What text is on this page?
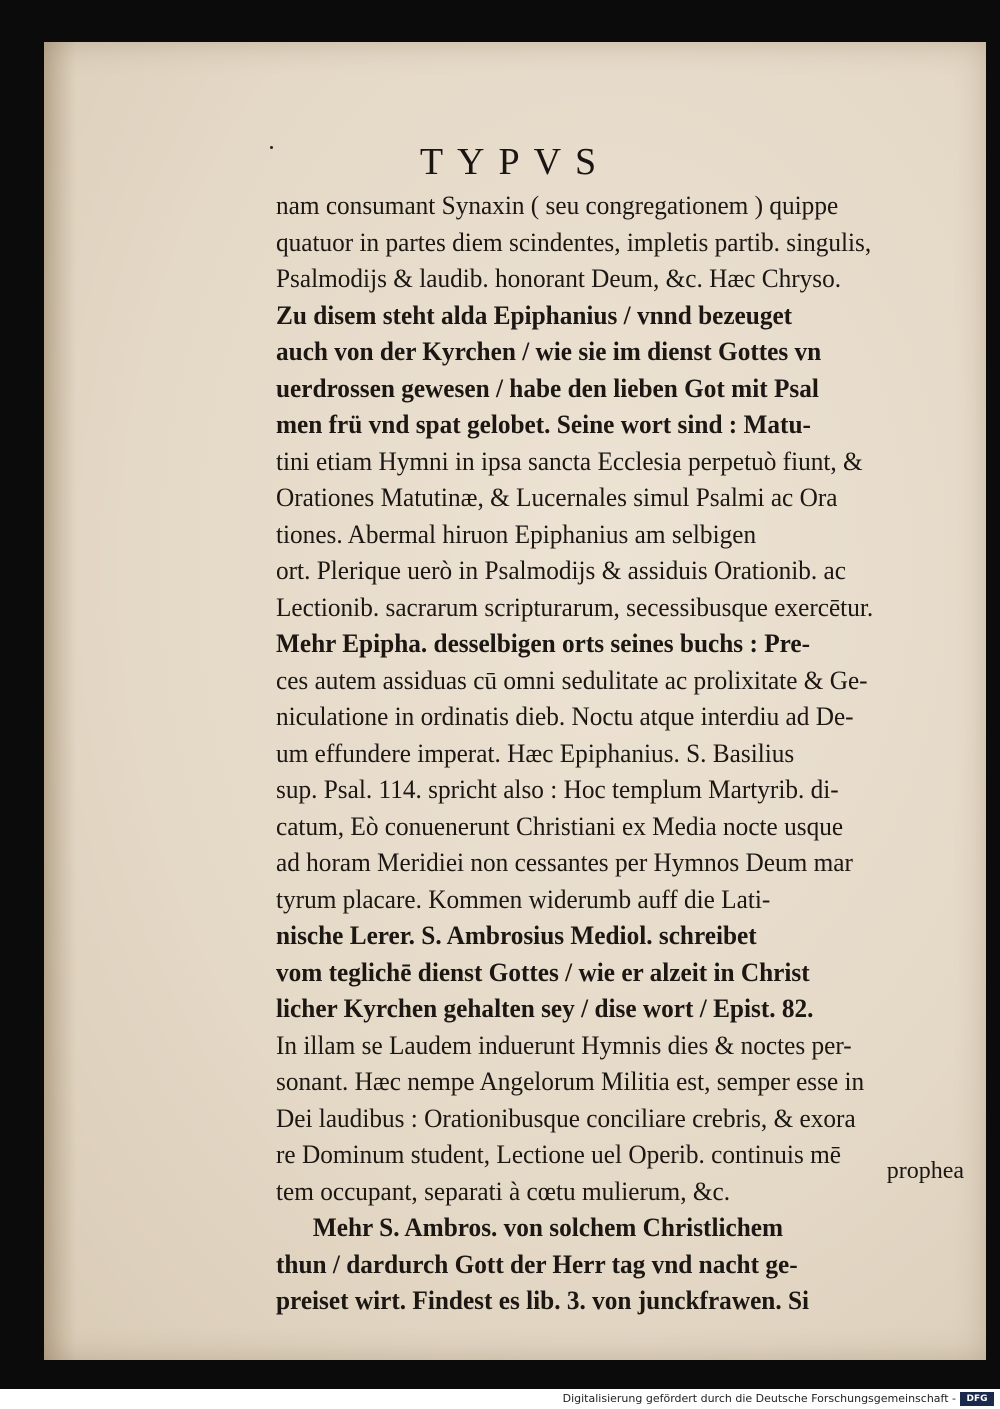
TYPVS
nam consumant Synaxin ( seu congregationem ) quippe
quatuor in partes diem scindentes, impletis partib. singulis,
Psalmodijs & laudib. honorant Deum, &c. Hæc Chryso.
Zu disem steht alda Epiphanius / vnnd bezeuget
auch von der Kyrchen / wie sie im dienst Gottes vn
uerdrossen gewesen / habe den lieben Got mit Psal
men frü vnd spat gelobet. Seine wort sind : Matu-
tini etiam Hymni in ipsa sancta Ecclesia perpetuò fiunt, &
Orationes Matutinæ, & Lucernales simul Psalmi ac Ora
tiones. Abermal hiruon Epiphanius am selbigen
ort. Plerique uerò in Psalmodijs & assiduis Orationib. ac
Lectionib. sacrarum scripturarum, secessibusque exercētur.
Mehr Epipha. desselbigen orts seines buchs : Pre-
ces autem assiduas cū omni sedulitate ac prolixitate & Ge-
niculatione in ordinatis dieb. Noctu atque interdiu ad De-
um effundere imperat. Hæc Epiphanius. S. Basilius
sup. Psal. 114. spricht also : Hoc templum Martyrib. di-
catum, Eò conuenerunt Christiani ex Media nocte usque
ad horam Meridiei non cessantes per Hymnos Deum mar
tyrum placare. Kommen widerumb auff die Lati-
nische Lerer. S. Ambrosius Mediol. schreibet
vom teglichē dienst Gottes / wie er alzeit in Christ
licher Kyrchen gehalten sey / dise wort / Epist. 82.
In illam se Laudem induerunt Hymnis dies & noctes per-
sonant. Hæc nempe Angelorum Militia est, semper esse in
Dei laudibus : Orationibusque conciliare crebris, & exora
re Dominum student, Lectione uel Operib. continuis mē
tem occupant, separati à cœtu mulierum, &c.
Mehr S. Ambros. von solchem Christlichem
thun / dardurch Gott der Herr tag vnd nacht ge-
preiset wirt. Findest es lib. 3. von junckfrawen. Si
prophea
Digitalisierung gefördert durch die Deutsche Forschungsgemeinschaft -	DFG
